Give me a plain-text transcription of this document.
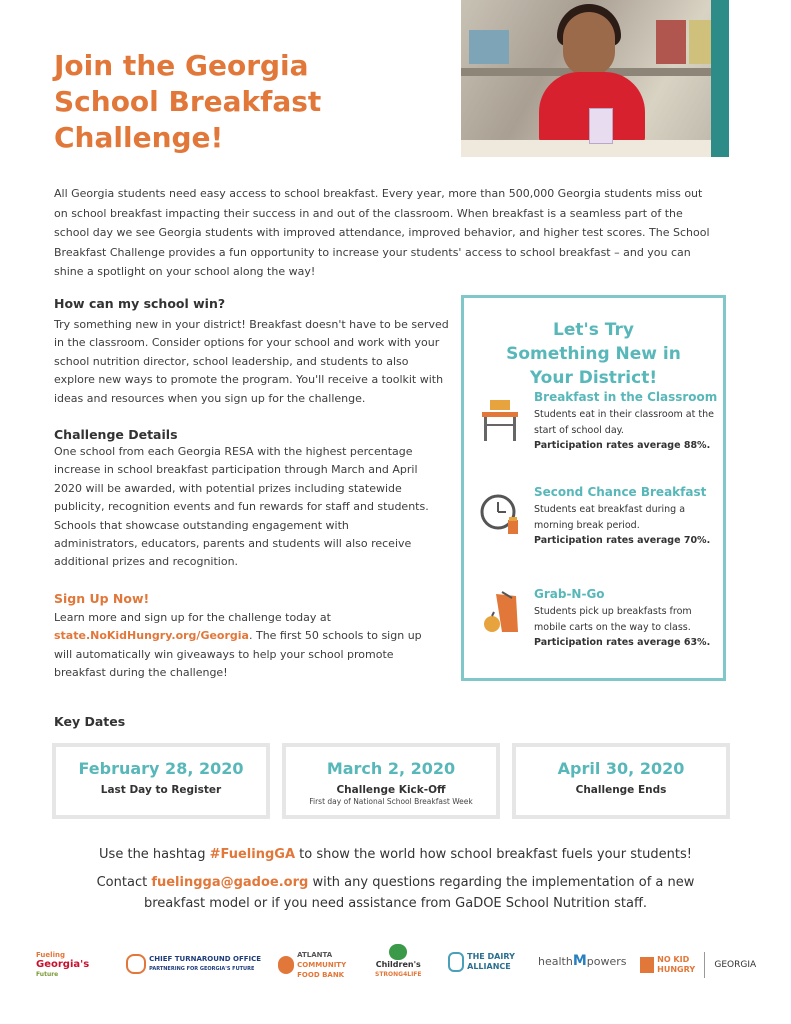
Join the Georgia School Breakfast Challenge!

All Georgia students need easy access to school breakfast. Every year, more than 500,000 Georgia students miss out on school breakfast impacting their success in and out of the classroom. When breakfast is a seamless part of the school day we see Georgia students with improved attendance, improved behavior, and higher test scores. The School Breakfast Challenge provides a fun opportunity to increase your students' access to school breakfast – and you can shine a spotlight on your school along the way!

How can my school win?

Try something new in your district! Breakfast doesn't have to be served in the classroom. Consider options for your school and work with your school nutrition director, school leadership, and students to also explore new ways to promote the program. You'll receive a toolkit with ideas and resources when you sign up for the challenge.

Challenge Details

One school from each Georgia RESA with the highest percentage increase in school breakfast participation through March and April 2020 will be awarded, with potential prizes including statewide publicity, recognition events and fun rewards for staff and students. Schools that showcase outstanding engagement with administrators, educators, parents and students will also receive additional prizes and recognition.

Sign Up Now!

Learn more and sign up for the challenge today at state.NoKidHungry.org/Georgia. The first 50 schools to sign up will automatically win giveaways to help your school promote breakfast during the challenge!

Let's Try Something New in Your District!

Breakfast in the Classroom

Students eat in their classroom at the start of school day.

Participation rates average 88%.

Second Chance Breakfast

Students eat breakfast during a morning break period.

Participation rates average 70%.

Grab-N-Go

Students pick up breakfasts from mobile carts on the way to class.

Participation rates average 63%.

Key Dates

February 28, 2020

Last Day to Register

March 2, 2020

Challenge Kick-Off

First day of National School Breakfast Week

April 30, 2020

Challenge Ends

Use the hashtag #FuelingGA to show the world how school breakfast fuels your students!

Contact fuelingga@gadoe.org with any questions regarding the implementation of a new breakfast model or if you need assistance from GaDOE School Nutrition staff.

Fueling
Georgia's
Future

CHIEF TURNAROUND OFFICE
PARTNERING FOR GEORGIA'S FUTURE

ATLANTA
COMMUNITY
FOOD BANK
Children's
STRONG4LIFE

THE DAIRY
ALLIANCE	healthMpowers
	NO KID
HUNGRY GEORGIA
